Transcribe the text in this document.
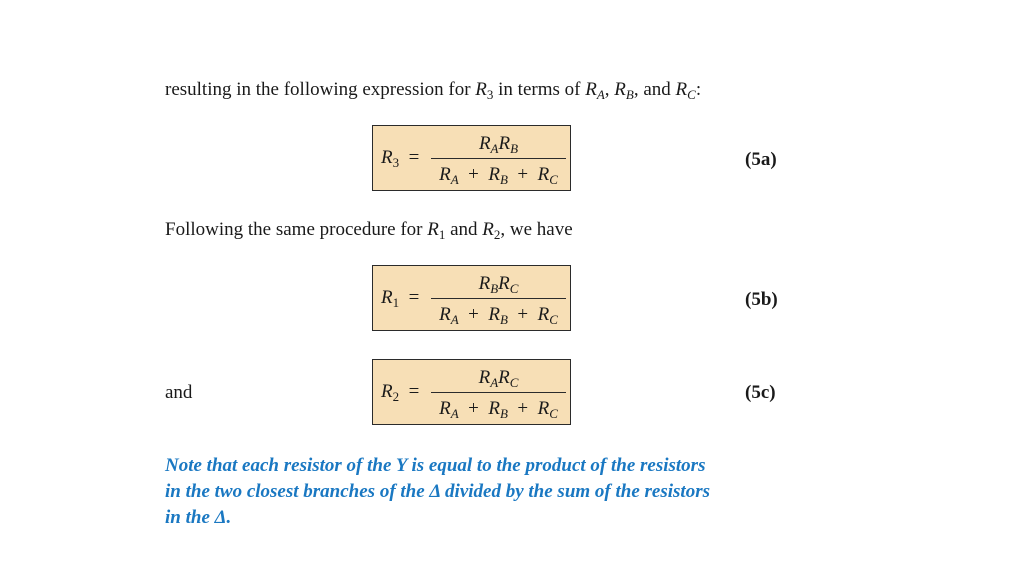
resulting in the following expression for $R_3$ in terms of $R_A$, $R_B$, and $R_C$:
$R_3$ =
$R_AR_B$
$R_A + R_B + R_C$
(5a)
Following the same procedure for $R_1$ and $R_2$, we have
$R_1$ =
$R_BR_C$
$R_A + R_B + R_C$
(5b)
and	$R_2$ =
$R_AR_C$
$R_A + R_B + R_C$
(5c)
Note that each resistor of the Y is equal to the product of the resistors
in the two closest branches of the Δ divided by the sum of the resistors
in the Δ.
